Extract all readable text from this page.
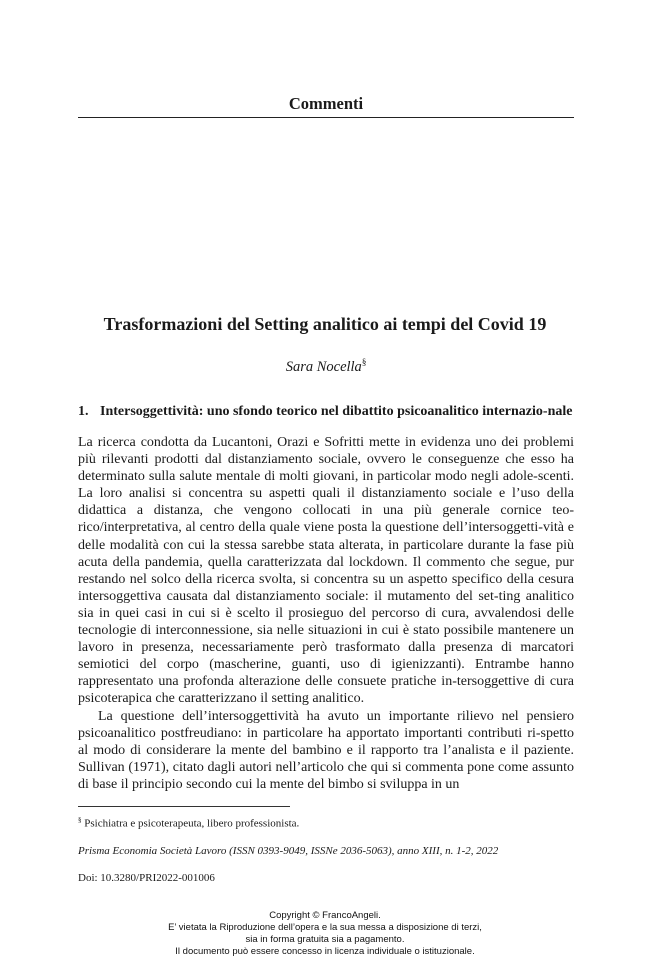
Commenti
Trasformazioni del Setting analitico ai tempi del Covid 19
Sara Nocella§
1. Intersoggettività: uno sfondo teorico nel dibattito psicoanalitico internazio-nale

La ricerca condotta da Lucantoni, Orazi e Sofritti mette in evidenza uno dei problemi più rilevanti prodotti dal distanziamento sociale, ovvero le conseguenze che esso ha determinato sulla salute mentale di molti giovani, in particolar modo negli adole-scenti. La loro analisi si concentra su aspetti quali il distanziamento sociale e l’uso della didattica a distanza, che vengono collocati in una più generale cornice teo-rico/interpretativa, al centro della quale viene posta la questione dell’intersoggetti-vità e delle modalità con cui la stessa sarebbe stata alterata, in particolare durante la fase più acuta della pandemia, quella caratterizzata dal lockdown. Il commento che segue, pur restando nel solco della ricerca svolta, si concentra su un aspetto specifico della cesura intersoggettiva causata dal distanziamento sociale: il mutamento del set-ting analitico sia in quei casi in cui si è scelto il prosieguo del percorso di cura, avvalendosi delle tecnologie di interconnessione, sia nelle situazioni in cui è stato possibile mantenere un lavoro in presenza, necessariamente però trasformato dalla presenza di marcatori semiotici del corpo (mascherine, guanti, uso di igienizzanti). Entrambe hanno rappresentato una profonda alterazione delle consuete pratiche in-tersoggettive di cura psicoterapica che caratterizzano il setting analitico.

La questione dell’intersoggettività ha avuto un importante rilievo nel pensiero psicoanalitico postfreudiano: in particolare ha apportato importanti contributi ri-spetto al modo di considerare la mente del bambino e il rapporto tra l’analista e il paziente. Sullivan (1971), citato dagli autori nell’articolo che qui si commenta pone come assunto di base il principio secondo cui la mente del bimbo si sviluppa in un

§ Psichiatra e psicoterapeuta, libero professionista.
Prisma Economia Società Lavoro (ISSN 0393-9049, ISSNe 2036-5063), anno XIII, n. 1-2, 2022
Doi: 10.3280/PRI2022-001006
Copyright © FrancoAngeli.
E’ vietata la Riproduzione dell’opera e la sua messa a disposizione di terzi,
sia in forma gratuita sia a pagamento.
Il documento può essere concesso in licenza individuale o istituzionale.
